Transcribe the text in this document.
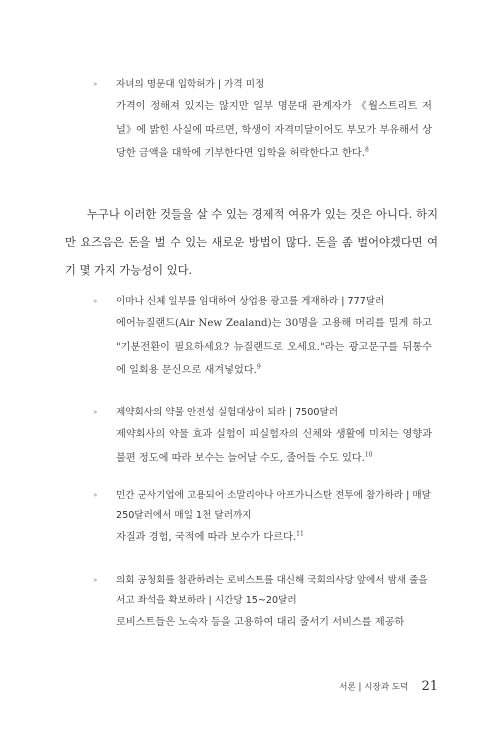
• 자녀의 명문대 입학허가 | 가격 미정
가격이 정해져 있지는 않지만 일부 명문대 관계자가 《월스트리트 저널》에 밝힌 사실에 따르면, 학생이 자격미달이어도 부모가 부유해서 상당한 금액을 대학에 기부한다면 입학을 허락한다고 한다.$^8$
누구나 이러한 것들을 살 수 있는 경제적 여유가 있는 것은 아니다. 하지만 요즈음은 돈을 벌 수 있는 새로운 방법이 많다. 돈을 좀 벌어야겠다면 여기 몇 가지 가능성이 있다.
• 이마나 신체 일부를 임대하여 상업용 광고를 게재하라 | 777달러
에어뉴질랜드(Air New Zealand)는 30명을 고용해 머리를 밀게 하고 "기분전환이 필요하세요? 뉴질랜드로 오세요."라는 광고문구를 뒤통수에 일회용 문신으로 새겨넣었다.$^9$
• 제약회사의 약물 안전성 실험대상이 되라 | 7500달러
제약회사의 약물 효과 실험이 피실험자의 신체와 생활에 미치는 영향과 불편 정도에 따라 보수는 늘어날 수도, 줄어들 수도 있다.$^{10}$
• 민간 군사기업에 고용되어 소말리아나 아프가니스탄 전투에 참가하라 | 매달 250달러에서 매일 1천 달러까지
자질과 경험, 국적에 따라 보수가 다르다.$^{11}$
• 의회 공청회를 참관하려는 로비스트를 대신해 국회의사당 앞에서 밤새 줄을 서고 좌석을 확보하라 | 시간당 15~20달러
로비스트들은 노숙자 등을 고용하여 대리 줄서기 서비스를 제공하
서론 | 시장과 도덕 21
